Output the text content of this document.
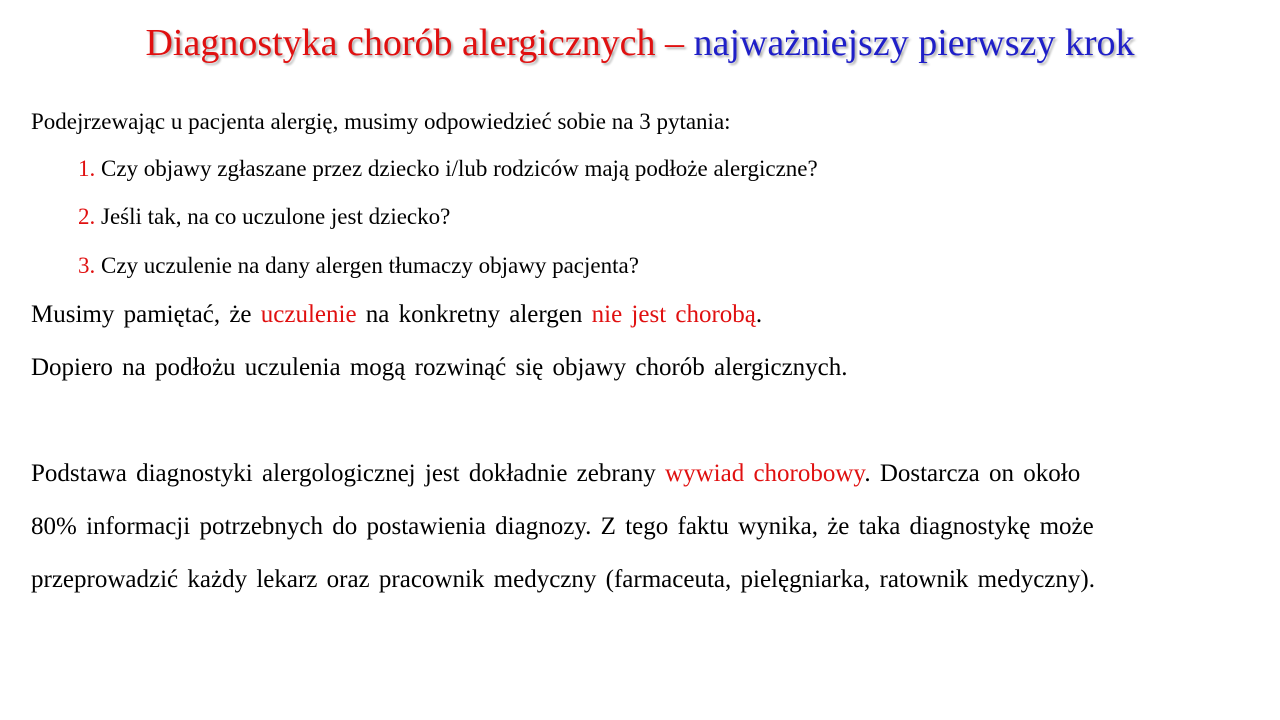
Diagnostyka chorób alergicznych – najważniejszy pierwszy krok
Podejrzewając u pacjenta alergię, musimy odpowiedzieć sobie na 3 pytania:
1. Czy objawy zgłaszane przez dziecko i/lub rodziców mają podłoże alergiczne?
2. Jeśli tak, na co uczulone jest dziecko?
3. Czy uczulenie na dany alergen tłumaczy objawy pacjenta?
Musimy pamiętać, że uczulenie na konkretny alergen nie jest chorobą.
Dopiero na podłożu uczulenia mogą rozwinąć się objawy chorób alergicznych.
Podstawa diagnostyki alergologicznej jest dokładnie zebrany wywiad chorobowy. Dostarcza on około
80% informacji potrzebnych do postawienia diagnozy. Z tego faktu wynika, że taka diagnostykę może
przeprowadzić każdy lekarz oraz pracownik medyczny (farmaceuta, pielęgniarka, ratownik medyczny).
